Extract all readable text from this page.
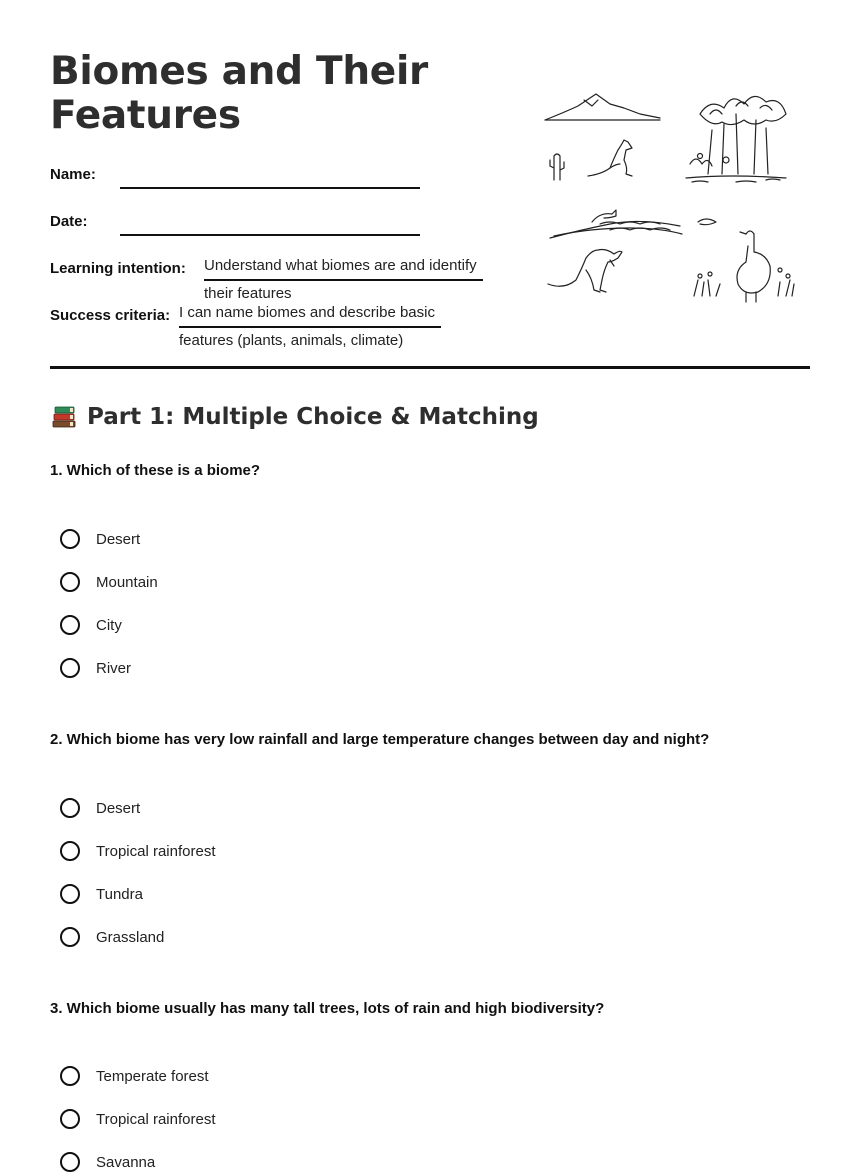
Biomes and Their Features
Name:
Date:
Learning intention: Understand what biomes are and identify
their features
Success criteria: I can name biomes and describe basic
features (plants, animals, climate)
Part 1: Multiple Choice & Matching
1. Which of these is a biome?
Desert
Mountain
City
River
2. Which biome has very low rainfall and large temperature changes between day and night?
Desert
Tropical rainforest
Tundra
Grassland
3. Which biome usually has many tall trees, lots of rain and high biodiversity?
Temperate forest
Tropical rainforest
Savanna
